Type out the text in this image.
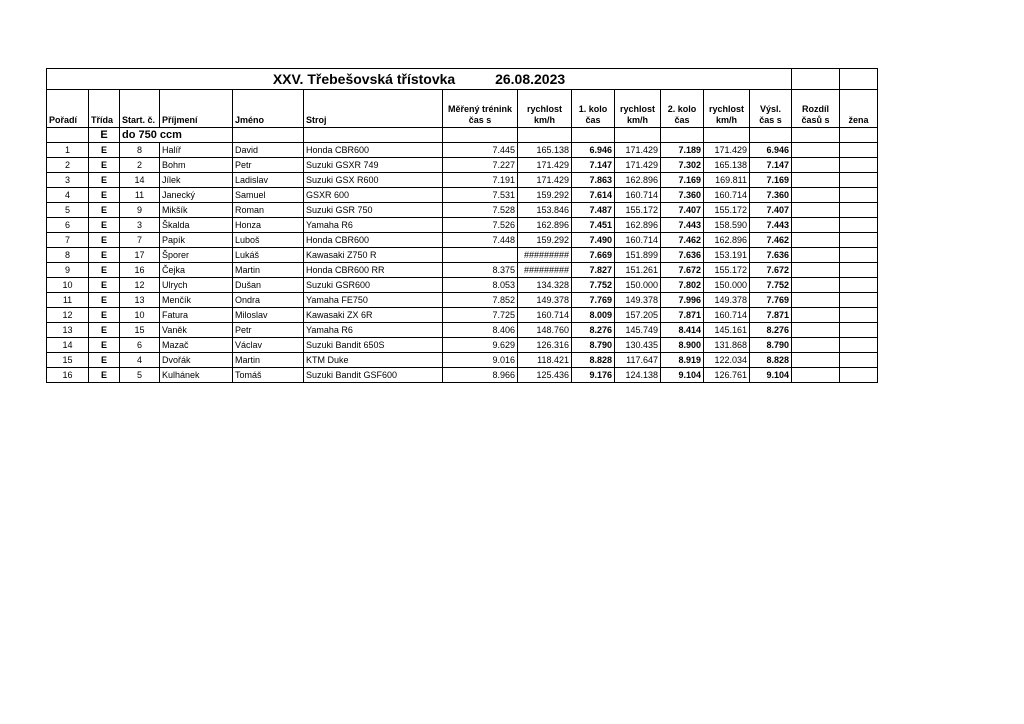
XXV. Třebešovská třístovka 26.08.2023														
Pořadí	Třída	Start. č.	Příjmení	Jméno	Stroj	Měřený trénink čas s	rychlost km/h	1. kolo čas	rychlost km/h	2. kolo čas	rychlost km/h	Výsl. čas s	Rozdíl časů s	žena
	E	do 750 ccm												
1	E	8	Halíř	David	Honda CBR600	7.445	165.138	6.946	171.429	7.189	171.429	6.946		
2	E	2	Bohm	Petr	Suzuki GSXR 749	7.227	171.429	7.147	171.429	7.302	165.138	7.147		
3	E	14	Jílek	Ladislav	Suzuki GSX R600	7.191	171.429	7.863	162.896	7.169	169.811	7.169		
4	E	11	Janecký	Samuel	GSXR 600	7.531	159.292	7.614	160.714	7.360	160.714	7.360		
5	E	9	Mikšík	Roman	Suzuki GSR 750	7.528	153.846	7.487	155.172	7.407	155.172	7.407		
6	E	3	Škalda	Honza	Yamaha R6	7.526	162.896	7.451	162.896	7.443	158.590	7.443		
7	E	7	Papík	Luboš	Honda CBR600	7.448	159.292	7.490	160.714	7.462	162.896	7.462		
8	E	17	Šporer	Lukáš	Kawasaki Z750 R		#########	7.669	151.899	7.636	153.191	7.636		
9	E	16	Čejka	Martin	Honda CBR600 RR	8.375	#########	7.827	151.261	7.672	155.172	7.672		
10	E	12	Ulrych	Dušan	Suzuki GSR600	8.053	134.328	7.752	150.000	7.802	150.000	7.752		
11	E	13	Menčík	Ondra	Yamaha FE750	7.852	149.378	7.769	149.378	7.996	149.378	7.769		
12	E	10	Fatura	Miloslav	Kawasaki ZX 6R	7.725	160.714	8.009	157.205	7.871	160.714	7.871		
13	E	15	Vaněk	Petr	Yamaha R6	8.406	148.760	8.276	145.749	8.414	145.161	8.276		
14	E	6	Mazač	Václav	Suzuki Bandit 650S	9.629	126.316	8.790	130.435	8.900	131.868	8.790		
15	E	4	Dvořák	Martin	KTM Duke	9.016	118.421	8.828	117.647	8.919	122.034	8.828		
16	E	5	Kulhánek	Tomáš	Suzuki Bandit GSF600	8.966	125.436	9.176	124.138	9.104	126.761	9.104		
